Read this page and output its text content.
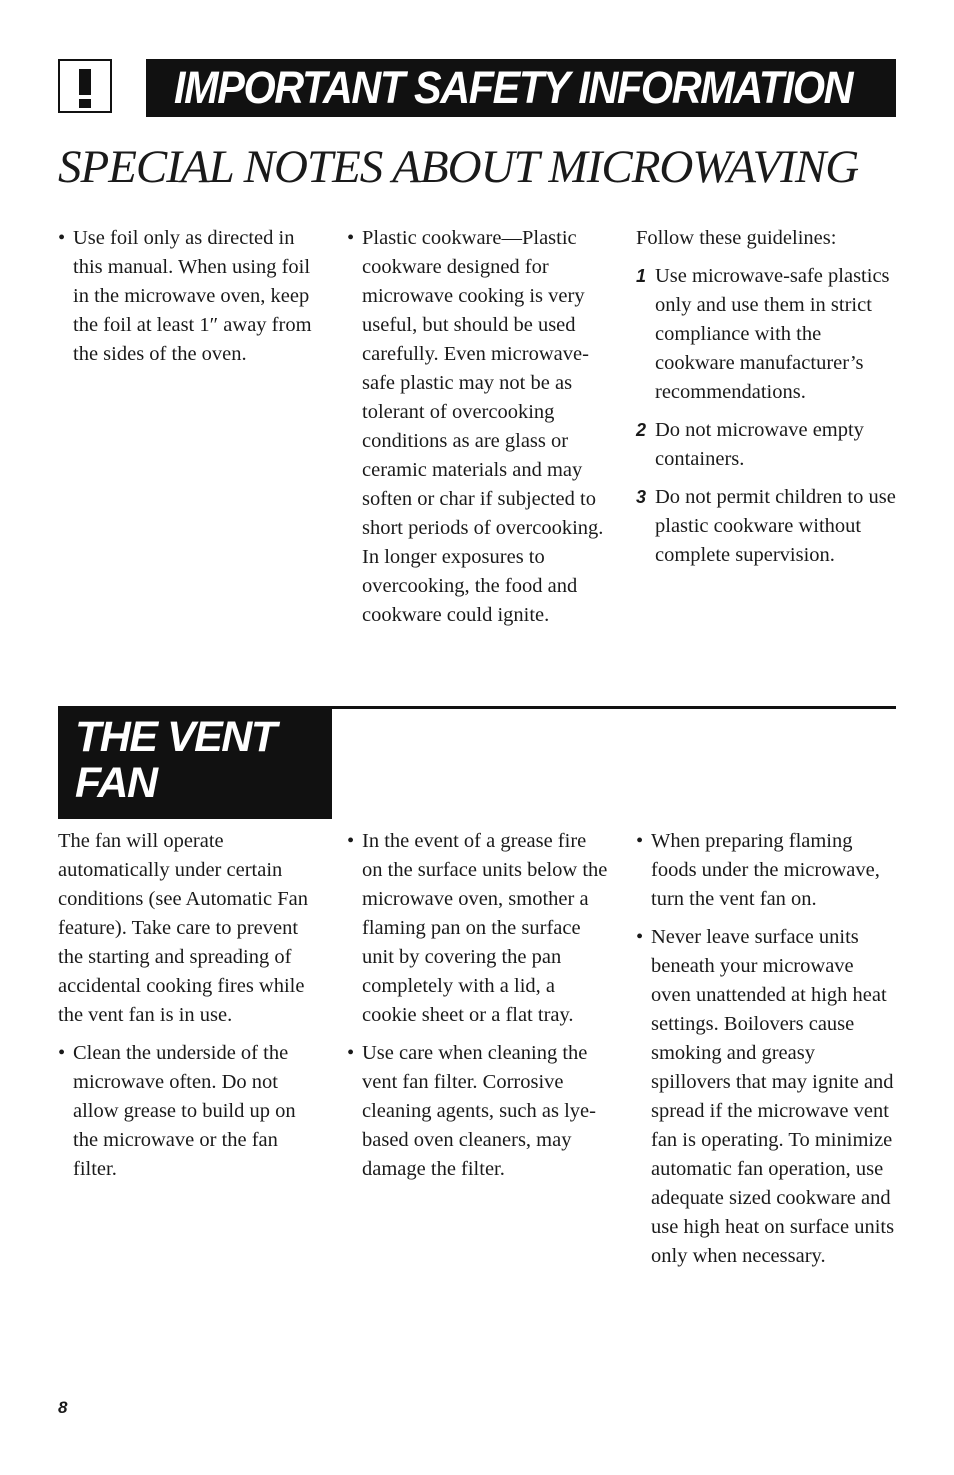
IMPORTANT SAFETY INFORMATION
SPECIAL NOTES ABOUT MICROWAVING
• Use foil only as directed in this manual. When using foil in the microwave oven, keep the foil at least 1″ away from the sides of the oven.
• Plastic cookware—Plastic cookware designed for microwave cooking is very useful, but should be used carefully. Even microwave-safe plastic may not be as tolerant of overcooking conditions as are glass or ceramic materials and may soften or char if subjected to short periods of overcooking. In longer exposures to overcooking, the food and cookware could ignite.

Follow these guidelines:

1 Use microwave-safe plastics only and use them in strict compliance with the cookware manufacturer’s recommendations.
2 Do not microwave empty containers.
3 Do not permit children to use plastic cookware without complete supervision.
THE VENT
FAN

The fan will operate automatically under certain conditions (see Automatic Fan feature). Take care to prevent the starting and spreading of accidental cooking fires while the vent fan is in use.

• Clean the underside of the microwave often. Do not allow grease to build up on the microwave or the fan filter.
• In the event of a grease fire on the surface units below the microwave oven, smother a flaming pan on the surface unit by covering the pan completely with a lid, a cookie sheet or a flat tray.
• Use care when cleaning the vent fan filter. Corrosive cleaning agents, such as lye-based oven cleaners, may damage the filter.
• When preparing flaming foods under the microwave, turn the vent fan on.
• Never leave surface units beneath your microwave oven unattended at high heat settings. Boilovers cause smoking and greasy spillovers that may ignite and spread if the microwave vent fan is operating. To minimize automatic fan operation, use adequate sized cookware and use high heat on surface units only when necessary.
8
